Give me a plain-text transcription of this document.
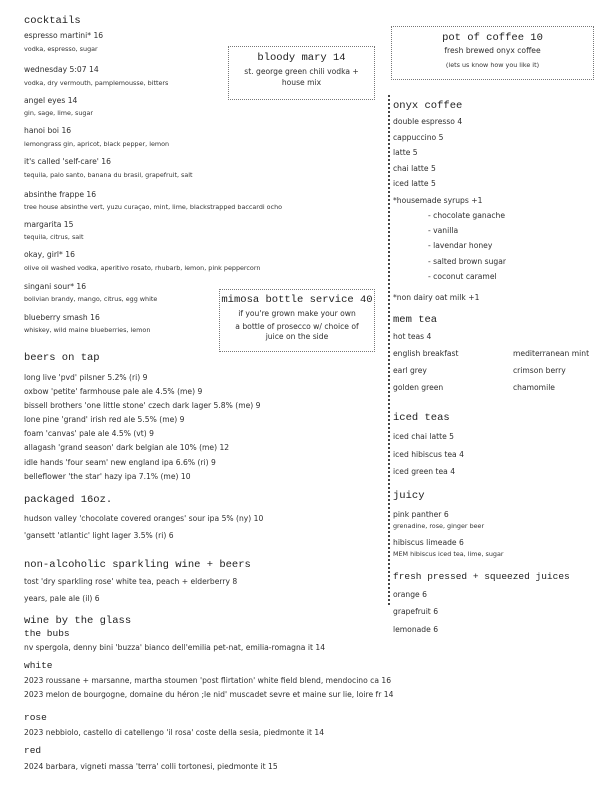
cocktails
espresso martini* 16
vodka, espresso, sugar
wednesday 5:07 14
vodka, dry vermouth, pamplemousse, bitters
angel eyes 14
gin, sage, lime, sugar
hanoi boi 16
lemongrass gin, apricot, black pepper, lemon
it's called 'self-care' 16
tequila, palo santo, banana du brasil, grapefruit, salt
absinthe frappe 16
tree house absinthe vert, yuzu curaçao, mint, lime, blackstrapped baccardi ocho
margarita 15
tequila, citrus, salt
okay, girl* 16
olive oil washed vodka, aperitivo rosato, rhubarb, lemon, pink peppercorn
singani sour* 16
bolivian brandy, mango, citrus, egg white
blueberry smash 16
whiskey, wild maine blueberries, lemon
bloody mary 14
st. george green chili vodka +
house mix
mimosa bottle service 40
if you're grown make your own
a bottle of prosecco w/ choice of
juice on the side
beers on tap
long live 'pvd' pilsner 5.2% (ri) 9
oxbow 'petite' farmhouse pale ale 4.5% (me) 9
bissell brothers 'one little stone' czech dark lager 5.8% (me) 9
lone pine 'grand' irish red ale 5.5% (me) 9
foam 'canvas' pale ale 4.5% (vt) 9
allagash 'grand season' dark belgian ale 10% (me) 12
idle hands 'four seam' new england ipa 6.6% (ri) 9
belleflower 'the star' hazy ipa 7.1% (me) 10
packaged 16oz.
hudson valley 'chocolate covered oranges' sour ipa 5% (ny) 10
'gansett 'atlantic' light lager 3.5% (ri) 6
non-alcoholic sparkling wine + beers
tost 'dry sparkling rose' white tea, peach + elderberry 8
years, pale ale (il) 6
wine by the glass
the bubs
nv spergola, denny bini 'buzza' bianco dell'emilia pet-nat, emilia-romagna it 14
white
2023 roussane + marsanne, martha stoumen 'post flirtation' white field blend, mendocino ca 16
2023 melon de bourgogne, domaine du héron ;le nid' muscadet sevre et maine sur lie, loire fr 14
rose
2023 nebbiolo, castello di catellengo 'il rosa' coste della sesia, piedmonte it 14
red
2024 barbara, vigneti massa 'terra' colli tortonesi, piedmonte it 15
pot of coffee 10
fresh brewed onyx coffee
(lets us know how you like it)
onyx coffee
double espresso 4
cappuccino 5
latte 5
chai latte 5
iced latte 5
*housemade syrups +1
- chocolate ganache
- vanilla
- lavendar honey
- salted brown sugar
- coconut caramel
*non dairy oat milk +1
mem tea
hot teas 4
english breakfast
earl grey
golden green
mediterranean mint
crimson berry
chamomile
iced teas
iced chai latte 5
iced hibiscus tea 4
iced green tea 4
juicy
pink panther 6
grenadine, rose, ginger beer
hibiscus limeade 6
MEM hibiscus iced tea, lime, sugar
fresh pressed + squeezed juices
orange 6
grapefruit 6
lemonade 6
